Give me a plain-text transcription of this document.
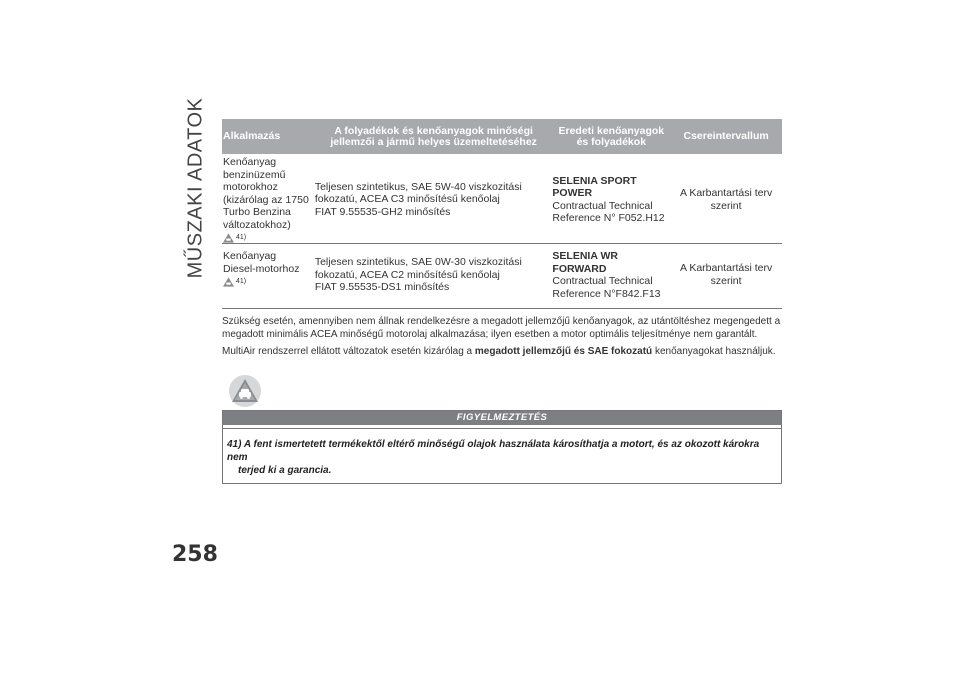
MŰSZAKI ADATOK Alkalmazás	A folyadékok és kenőanyagok minőségi jellemzői a jármű helyes üzemeltetéséhez
Eredeti kenőanyagok és folyadékok	Csereintervallum
Kenőanyag
benzinüzemű
motorokhoz
(kizárólag az 1750
Turbo Benzina
változatokhoz)
41)
Teljesen szintetikus, SAE 5W-40 viszkozitási
fokozatú, ACEA C3 minősítésű kenőolaj
FIAT 9.55535-GH2 minősítés
SELENIA SPORT
POWER
Contractual Technical
Reference N° F052.H12
A Karbantartási terv
szerint
Kenőanyag
Diesel-motorhoz
41)
Teljesen szintetikus, SAE 0W-30 viszkozitási
fokozatú, ACEA C2 minősítésű kenőolaj
FIAT 9.55535-DS1 minősítés
SELENIA WR
FORWARD
Contractual Technical
Reference N°F842.F13
A Karbantartási terv
szerint

Szükség esetén, amennyiben nem állnak rendelkezésre a megadott jellemzőjű kenőanyagok, az utántöltéshez megengedett a megadott minimális ACEA minőségű motorolaj alkalmazása; ilyen esetben a motor optimális teljesítménye nem garantált.

MultiAir rendszerrel ellátott változatok esetén kizárólag a megadott jellemzőjű és SAE fokozatú kenőanyagokat használjuk.

FIGYELMEZTETÉS
41) A fent ismertetett termékektől eltérő minőségű olajok használata károsíthatja a motort, és az okozott károkra nem
terjed ki a garancia.
258
